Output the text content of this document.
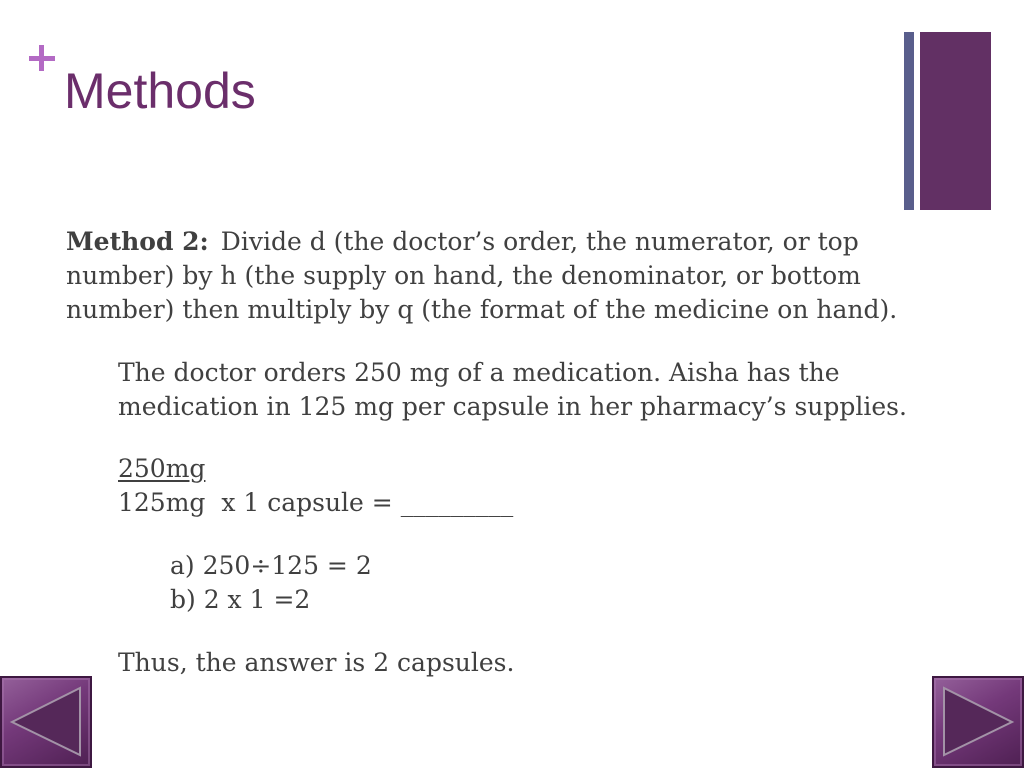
Methods
Method 2: Divide d (the doctor’s order, the numerator, or top
number) by h (the supply on hand, the denominator, or bottom
number) then multiply by q (the format of the medicine on hand).
The doctor orders 250 mg of a medication. Aisha has the
medication in 125 mg per capsule in her pharmacy’s supplies.
250mg
125mg  x 1 capsule = _________
a) 250÷125 = 2
b) 2 x 1 =2
Thus, the answer is 2 capsules.
